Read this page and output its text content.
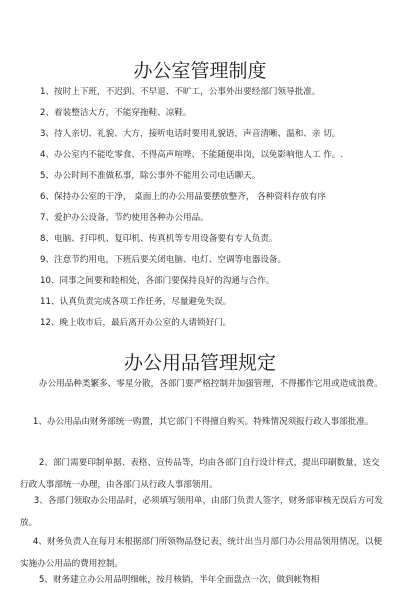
办公室管理制度
1、按时上下班，不迟到、不早退、不旷工，公事外出要经部门领导批准。
2、着装整洁大方，不能穿拖鞋、凉鞋。
3、待人亲切、礼貌、大方，接听电话时要用礼貌语，声音清晰、温和、亲 切。
4、办公室内不能吃零食、不得高声喧哗、不能随便串岗，以免影响他人工 作。.
5、办公时间不准做私事，除公事外不能用公司电话聊天。
6、保持办公室的干净， 桌面上的办公用品要摆放整齐， 各种资料存放有序
7、爱护办公设备，节约使用各种办公用品。
8、电脑、打印机、复印机、传真机等专用设备要有专人负责。
9、注意节约用电，下班后要关闭电脑、电灯、空调等电器设备。
10、同事之间要和睦相处，各部门要保持良好的沟通与合作。
11、认真负责完成各项工作任务，尽量避免失误。
12、晚上收市后，最后离开办公室的人请锁好门。
办公用品管理规定

办公用品种类繁多、零星分散，各部门要严格控制并加强管理，不得挪作它用或造成浪费。

1、办公用品由财务部统一购置，其它部门不得擅自购买。特殊情况须报行政人事部批准。

2、部门需要印制单据、表格、宣传品等，均由各部门自行设计样式，提出印刷数量，送交行政人事部统一办理，由各部门从行政人事部领用。

3、各部门领取办公用品时，必须填写领用单，由部门负责人签字，财务部审核无误后方可发放。

4、财务负责人在每月末根据部门所领物品登记表，统计出当月部门办公用品领用情况，以便实施办公用品的费用控制。

5、财务建立办公用品明细帐，按月核销，半年全面盘点一次，做到帐物相
